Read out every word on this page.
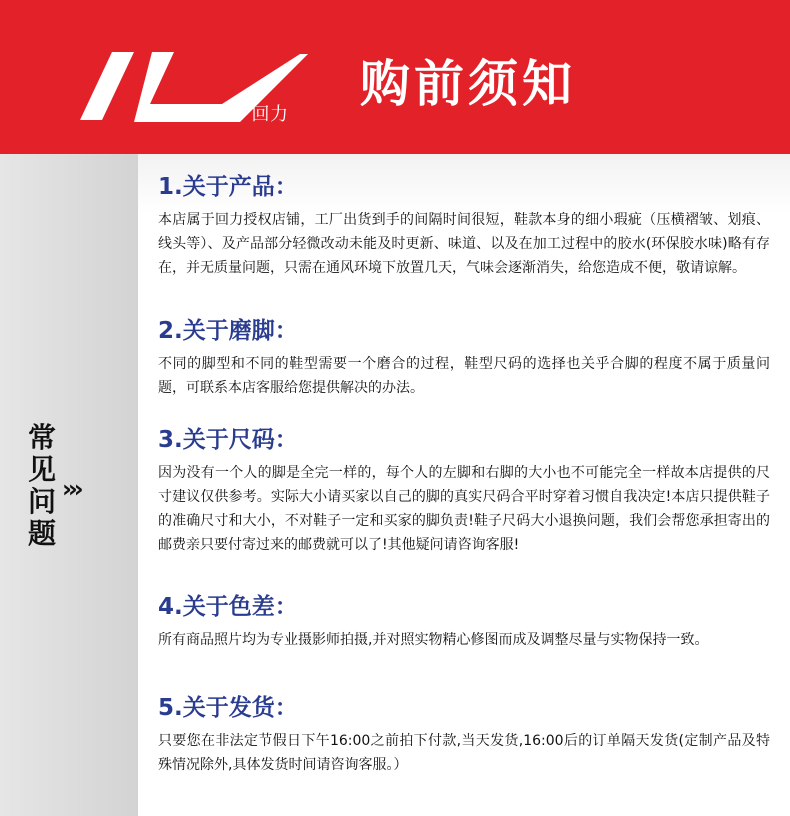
1927 回力
购前须知
常见问题
›››
1.关于产品：
本店属于回力授权店铺，工厂出货到手的间隔时间很短，鞋款本身的细小瑕疵（压横褶皱、划痕、线头等）、及产品部分轻微改动未能及时更新、味道、以及在加工过程中的胶水(环保胶水味)略有存在，并无质量问题，只需在通风环境下放置几天，气味会逐渐消失，给您造成不便，敬请谅解。
2.关于磨脚：
不同的脚型和不同的鞋型需要一个磨合的过程，鞋型尺码的选择也关乎合脚的程度不属于质量问题，可联系本店客服给您提供解决的办法。
3.关于尺码：
因为没有一个人的脚是全完一样的，每个人的左脚和右脚的大小也不可能完全一样故本店提供的尺寸建议仅供参考。实际大小请买家以自己的脚的真实尺码合平时穿着习惯自我决定!本店只提供鞋子的准确尺寸和大小，不对鞋子一定和买家的脚负责!鞋子尺码大小退换问题，我们会帮您承担寄出的邮费亲只要付寄过来的邮费就可以了!其他疑问请咨询客服!
4.关于色差：
所有商品照片均为专业摄影师拍摄,并对照实物精心修图而成及调整尽量与实物保持一致。
5.关于发货：
只要您在非法定节假日下午16:00之前拍下付款,当天发货,16:00后的订单隔天发货(定制产品及特殊情况除外,具体发货时间请咨询客服。）
